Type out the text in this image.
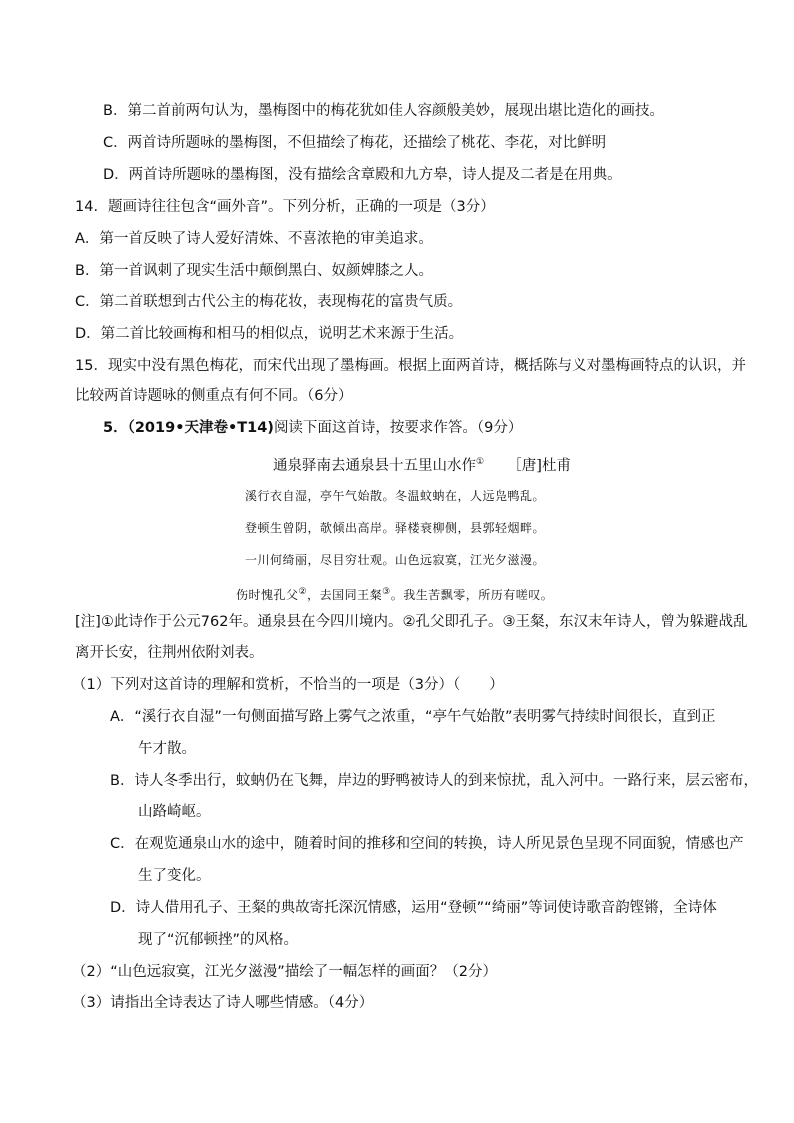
B．第二首前两句认为，墨梅图中的梅花犹如佳人容颜般美妙，展现出堪比造化的画技。
C．两首诗所题咏的墨梅图，不但描绘了梅花，还描绘了桃花、李花，对比鲜明
D．两首诗所题咏的墨梅图，没有描绘含章殿和九方皋，诗人提及二者是在用典。
14．题画诗往往包含“画外音”。下列分析，正确的一项是（3分）
A．第一首反映了诗人爱好清姝、不喜浓艳的审美追求。
B．第一首讽刺了现实生活中颠倒黑白、奴颜婢膝之人。
C．第二首联想到古代公主的梅花妆，表现梅花的富贵气质。
D．第二首比较画梅和相马的相似点，说明艺术来源于生活。
15．现实中没有黑色梅花，而宋代出现了墨梅画。根据上面两首诗，概括陈与义对墨梅画特点的认识，并
比较两首诗题咏的侧重点有何不同。（6分）
5．（2019•天津卷•T14)阅读下面这首诗，按要求作答。（9分）
通泉驿南去通泉县十五里山水作① ［唐]杜甫
溪行衣自湿，亭午气始散。冬温蚊蚋在，人远凫鸭乱。
登顿生曾阴，欹倾出高岸。驿楼衰柳侧，县郭轻烟畔。
一川何绮丽，尽目穷壮观。山色远寂寞，江光夕滋漫。
伤时愧孔父②，去国同王粲③。我生苦飘零，所历有嗟叹。
[注]①此诗作于公元762年。通泉县在今四川境内。②孔父即孔子。③王粲，东汉末年诗人，曾为躲避战乱
离开长安，往荆州依附刘表。
（1）下列对这首诗的理解和赏析，不恰当的一项是（3分）（　　）
A．“溪行衣自湿”一句侧面描写路上雾气之浓重，“亭午气始散”表明雾气持续时间很长，直到正
午才散。
B．诗人冬季出行，蚊蚋仍在飞舞，岸边的野鸭被诗人的到来惊扰，乱入河中。一路行来，层云密布，
山路崎岖。
C．在观览通泉山水的途中，随着时间的推移和空间的转换，诗人所见景色呈现不同面貌，情感也产
生了变化。
D．诗人借用孔子、王粲的典故寄托深沉情感，运用“登顿”“绮丽”等词使诗歌音韵铿锵，全诗体
现了“沉郁顿挫”的风格。
（2）“山色远寂寞，江光夕滋漫”描绘了一幅怎样的画面？（2分）
（3）请指出全诗表达了诗人哪些情感。（4分）
